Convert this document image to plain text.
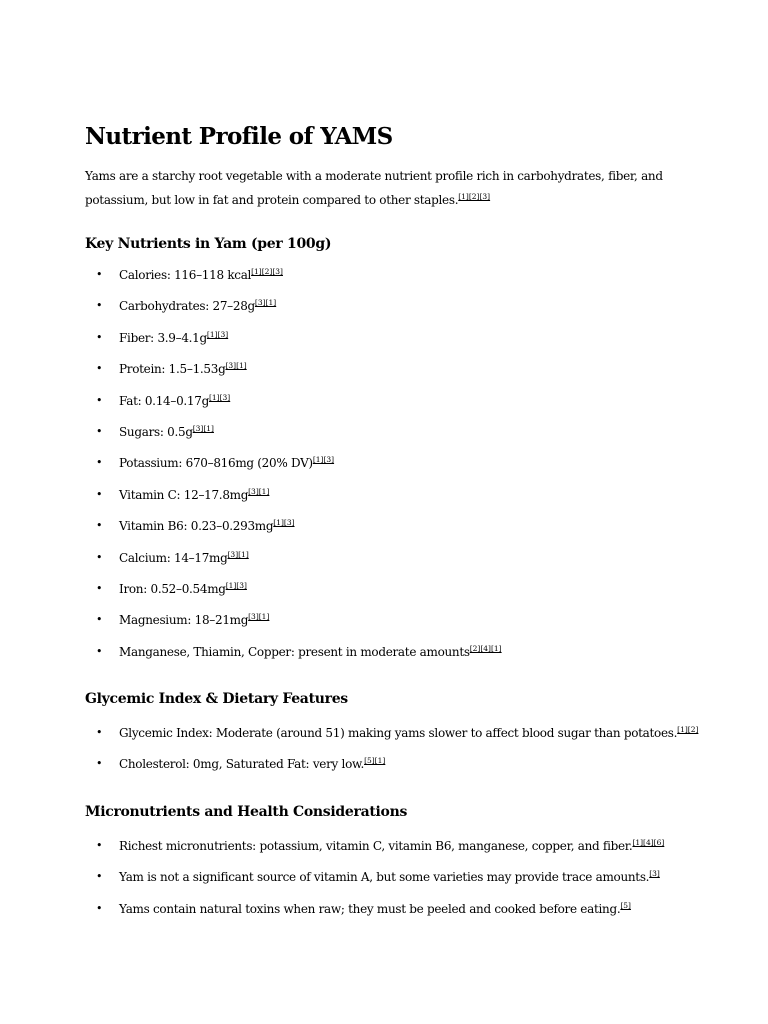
Nutrient Profile of YAMS

Yams are a starchy root vegetable with a moderate nutrient profile rich in carbohydrates, fiber, and potassium, but low in fat and protein compared to other staples.[1][2][3]

Key Nutrients in Yam (per 100g)
• Calories: 116–118 kcal[1][2][3]
• Carbohydrates: 27–28g[3][1]
• Fiber: 3.9–4.1g[1][3]
• Protein: 1.5–1.53g[3][1]
• Fat: 0.14–0.17g[1][3]
• Sugars: 0.5g[3][1]
• Potassium: 670–816mg (20% DV)[1][3]
• Vitamin C: 12–17.8mg[3][1]
• Vitamin B6: 0.23–0.293mg[1][3]
• Calcium: 14–17mg[3][1]
• Iron: 0.52–0.54mg[1][3]
• Magnesium: 18–21mg[3][1]
• Manganese, Thiamin, Copper: present in moderate amounts[2][4][1]
Glycemic Index & Dietary Features
• Glycemic Index: Moderate (around 51) making yams slower to affect blood sugar than potatoes.[1][2]
• Cholesterol: 0mg, Saturated Fat: very low.[5][1]
Micronutrients and Health Considerations
• Richest micronutrients: potassium, vitamin C, vitamin B6, manganese, copper, and fiber.[1][4][6]
• Yam is not a significant source of vitamin A, but some varieties may provide trace amounts.[3]
• Yams contain natural toxins when raw; they must be peeled and cooked before eating.[5]
